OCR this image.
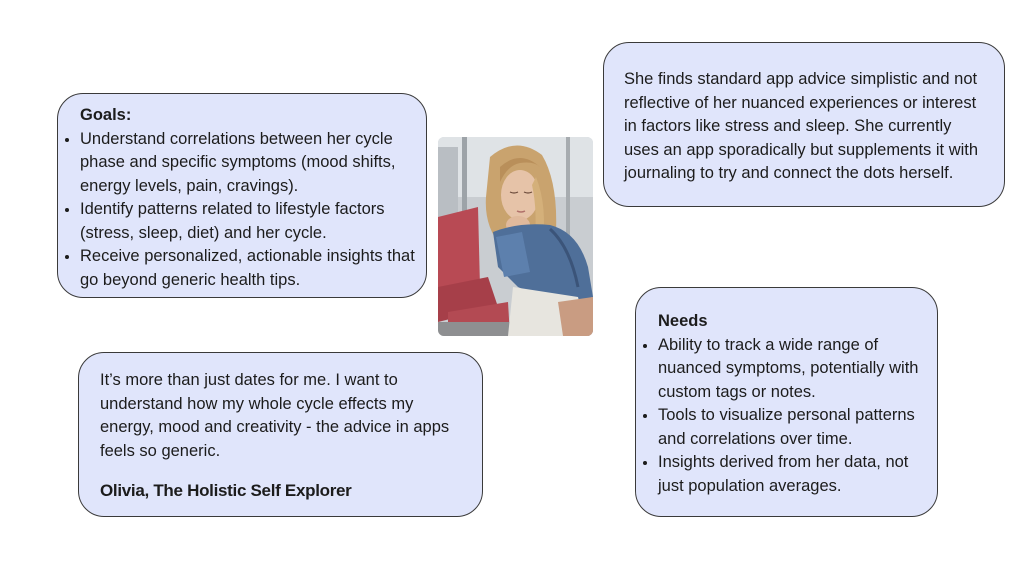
Goals:
• Understand correlations between her cycle phase and specific symptoms (mood shifts, energy levels, pain, cravings).
• Identify patterns related to lifestyle factors (stress, sleep, diet) and her cycle.
• Receive personalized, actionable insights that go beyond generic health tips.
She finds standard app advice simplistic and not reflective of her nuanced experiences or interest in factors like stress and sleep. She currently uses an app sporadically but supplements it with journaling to try and connect the dots herself.

It’s more than just dates for me. I want to understand how my whole cycle effects my energy, mood and creativity - the advice in apps feels so generic.

Olivia, The Holistic Self Explorer
Needs
• Ability to track a wide range of nuanced symptoms, potentially with custom tags or notes.
• Tools to visualize personal patterns and correlations over time.
• Insights derived from her data, not just population averages.
